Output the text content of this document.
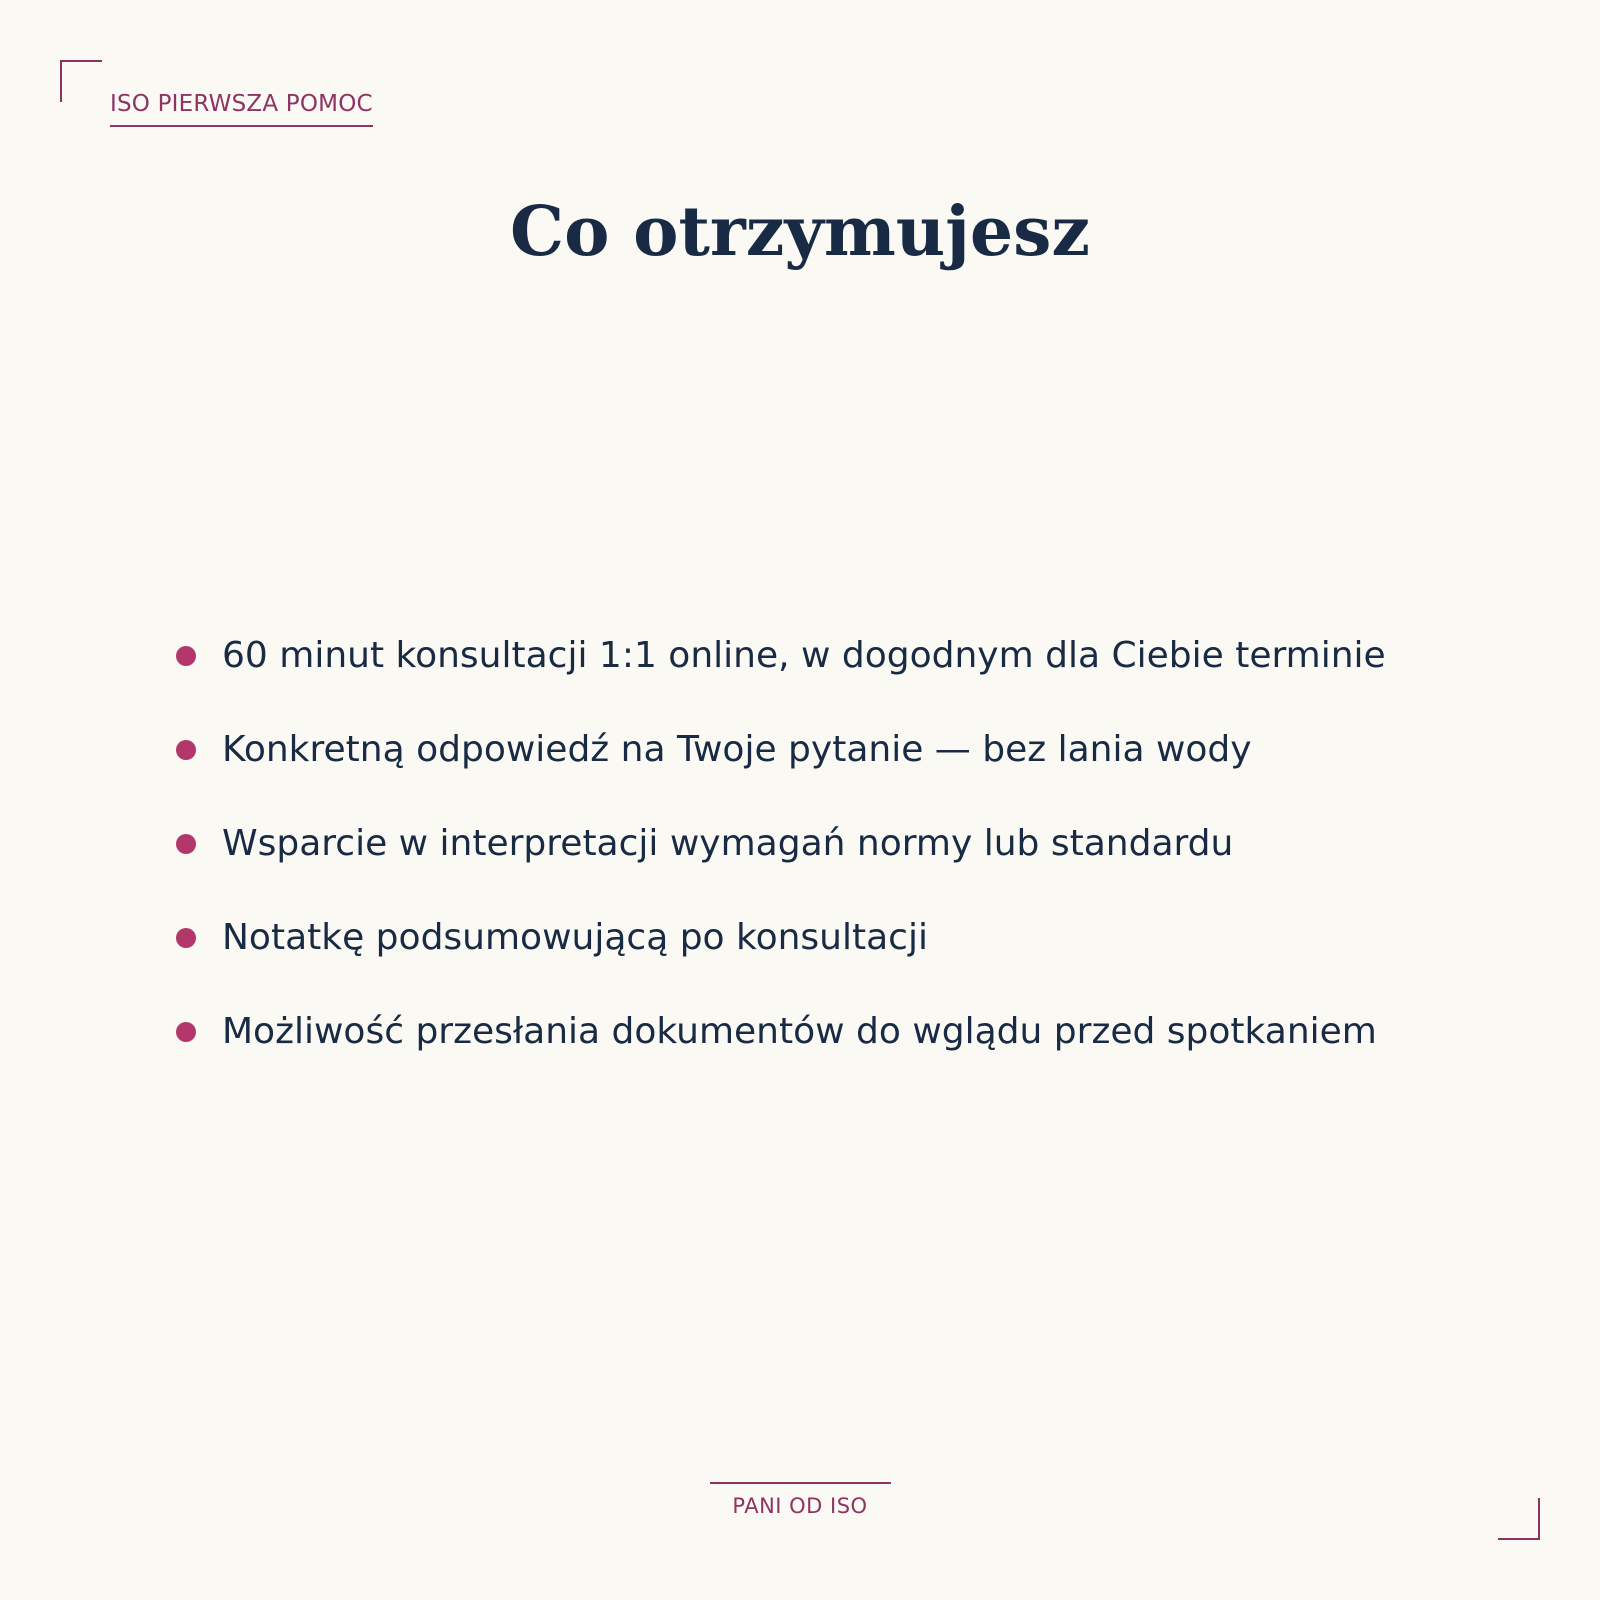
ISO PIERWSZA POMOC
Co otrzymujesz
60 minut konsultacji 1:1 online, w dogodnym dla Ciebie terminie
Konkretną odpowiedź na Twoje pytanie — bez lania wody
Wsparcie w interpretacji wymagań normy lub standardu
Notatkę podsumowującą po konsultacji
Możliwość przesłania dokumentów do wglądu przed spotkaniem
PANI OD ISO
